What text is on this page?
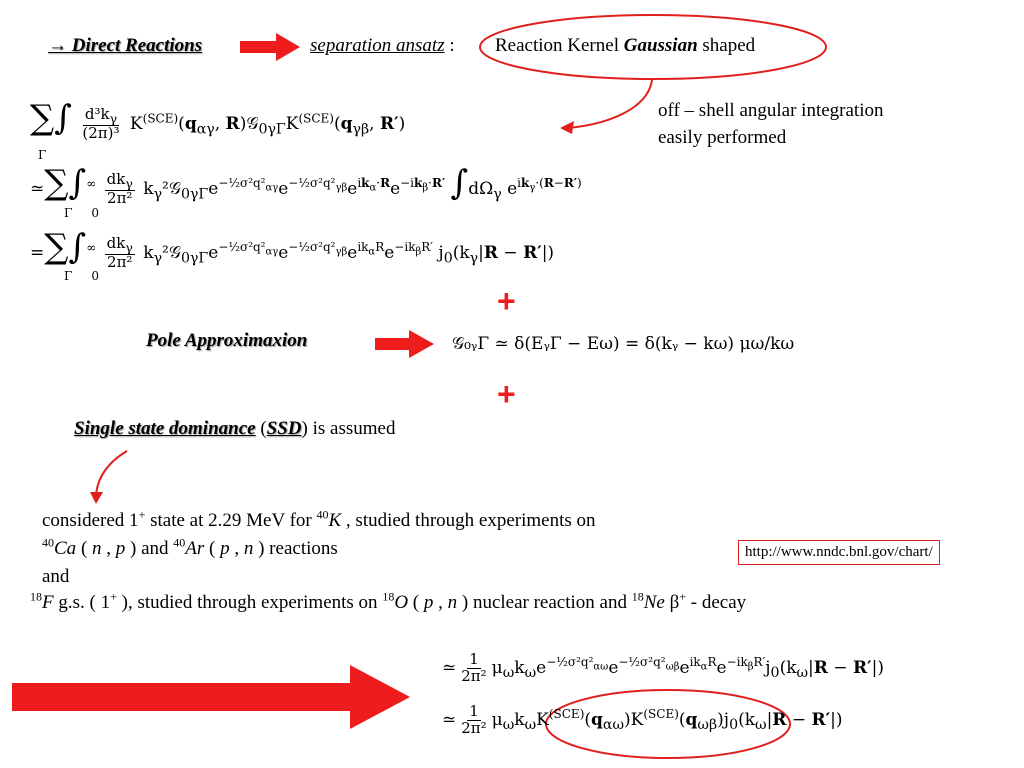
→ Direct Reactions	separation ansatz : Reaction Kernel Gaussian shaped
off – shell angular integration
easily performed
∑∫ $\frac{d^3k_\gamma}{\text{(2π)³}} K^{(SCE)}(q_{\alpha\gamma}$, $R)𝒢_{0\gamma\Gamma}K^{(SCE)}(q_{\gamma\beta}$, R′)
Γ
≃∑∫∞ $\frac{dk_\gamma}{\text{2π²}}$ $k_\gamma^2𝒢_{0\gamma\Gamma}e^{-\frac{1}{2}\sigma^2q^2_{\alpha\gamma}}e^{-\frac{1}{2}\sigma^2q^2_{\gamma\beta}}e^{ik_\alpha\cdot R}e^{-ik_\beta\cdot R'}$ $\int d\Omega_\gamma$ $e^{ik_\gamma\cdot(R-R')}$
Γ     0
$=\sum\int^\infty \frac{dk_\gamma}{\text{2π²}}$ $k_\gamma^2𝒢_{0\gamma\Gamma}e^{-\frac{1}{2}\sigma^2q^2_{\alpha\gamma}}e^{-\frac{1}{2}\sigma^2q^2_{\gamma\beta}}e^{ik_\alpha R}e^{-ik_\beta R'}$ $j_0(k_\gamma|R - R'|)$
Γ     0
+
+
Pole Approximaxion	𝒢₀ᵧΓ ≃ δ(EᵧΓ − Eω) = δ(kᵧ − kω) μω/kω
Single state dominance (SSD) is assumed
considered 1+ state at 2.29 MeV for $^{40}$K , studied through experiments on
$^{40}$Ca ( n , p ) and $^{40}$Ar ( p , n ) reactions
and
$^{18}$F g.s. ( 1+ ), studied through experiments on $^{18}$O ( p , n ) nuclear reaction and $^{18}$Ne β+ - decay
http://www.nndc.bnl.gov/chart/
≃ $\frac{1}{\text{2π²}} \mu_\omega k_\omega e^{-\frac{1}{2}\sigma^2q^2_{\alpha\omega}}e^{-\frac{1}{2}\sigma^2q^2_{\omega\beta}}e^{ik_\alpha R}e^{-ik_\beta R'}j_0(k_\omega|R - R'|)$
≃ $\frac{1}{\text{2π²}} \mu_\omega k_\omega K^{(SCE)}(q_{\alpha\omega})K^{(SCE)}(q_{\omega\beta})j_0(k_\omega|R - R'|)$
